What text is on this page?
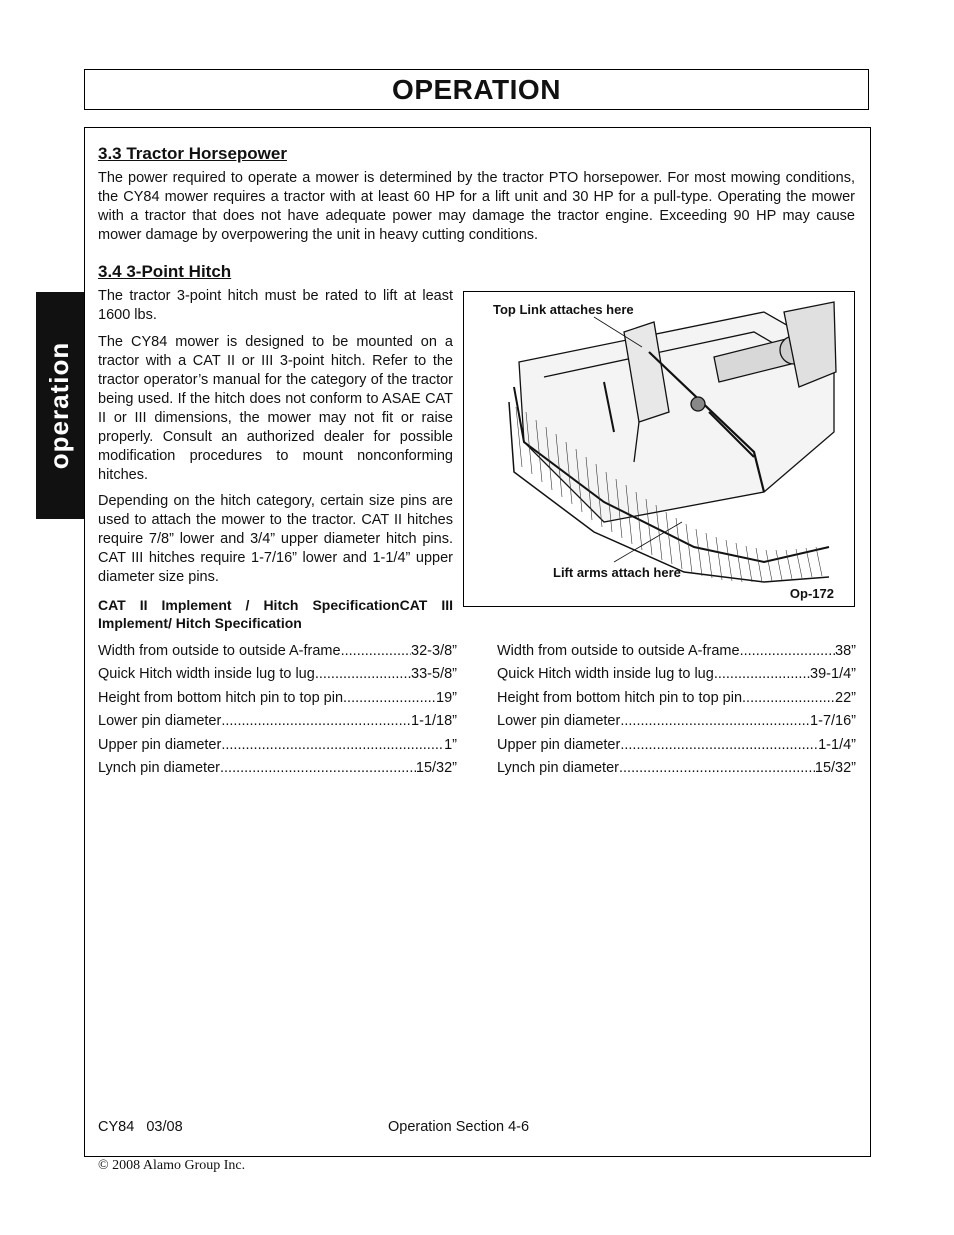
OPERATION
operation
3.3 Tractor Horsepower

The power required to operate a mower is determined by the tractor PTO horsepower. For most mowing conditions, the CY84 mower requires a tractor with at least 60 HP for a lift unit and 30 HP for a pull-type. Operating the mower with a tractor that does not have adequate power may damage the tractor engine. Exceeding 90 HP may cause mower damage by overpowering the unit in heavy cutting conditions.

3.4 3-Point Hitch

The tractor 3-point hitch must be rated to lift at least 1600 lbs.

The CY84 mower is designed to be mounted on a tractor with a CAT II or III 3-point hitch. Refer to the tractor operator’s manual for the category of the tractor being used. If the hitch does not conform to ASAE CAT II or III dimensions, the mower may not fit or raise properly. Consult an authorized dealer for possible modification procedures to mount nonconforming hitches.

Depending on the hitch category, certain size pins are used to attach the mower to the tractor. CAT II hitches require 7/8” lower and 3/4” upper diameter hitch pins. CAT III hitches require 1-7/16” lower and 1-1/4” upper diameter size pins.

Top Link attaches here
Lift arms attach here
Op-172

CAT II Implement / Hitch SpecificationCAT III Implement/ Hitch Specification

Width from outside to outside A-frame .....	32-3/8”
Quick Hitch width inside lug to lug .....	33-5/8”
Height from bottom hitch pin to top pin .....	19”
Lower pin diameter .....	1-1/18”
Upper pin diameter .....	1”
Lynch pin diameter .....	15/32”
Width from outside to outside A-frame .....	38”
Quick Hitch width inside lug to lug .....	39-1/4”
Height from bottom hitch pin to top pin .....	22”
Lower pin diameter .....	1-7/16”
Upper pin diameter .....	1-1/4”
Lynch pin diameter .....	15/32”
CY84   03/08	Operation Section 4-6
© 2008 Alamo Group Inc.
